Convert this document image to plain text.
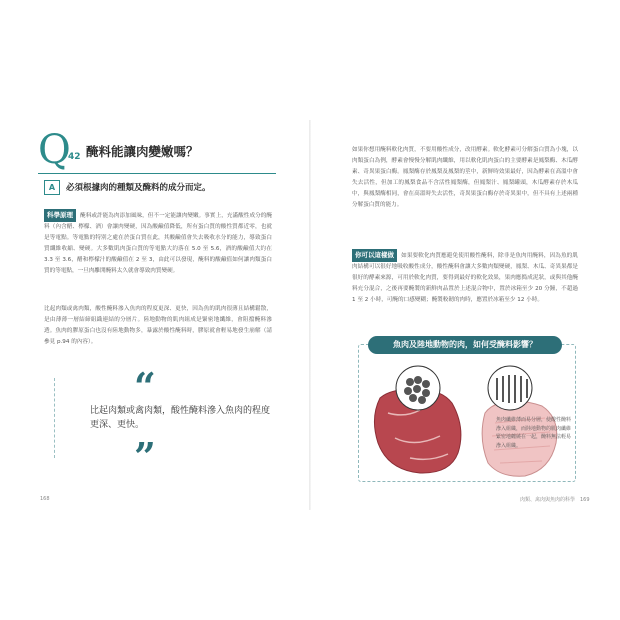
Q
42 醃料能讓肉變嫩嗎？
A	必須根據肉的種類及醃料的成分而定。
科學原理 醃料或許能為肉添加風味，但不一定能讓肉變嫩。事實上，充滿酸性成分的醃料（內含醋、檸檬、酒）會讓肉變硬，因為酸鹼值降低，所有蛋白質的酸性質都近零，也就是等電點。等電點的特別之處在於蛋白質在此，其酸鹼值會失去吸收水分的能力，導致蛋白質纖維收縮、變硬。大多數肌肉蛋白質的等電點大約落在 5.0 至 5.6，酒的酸鹼值大約在 3.3 至 3.6，醋和檸檬汁的酸鹼值在 2 至 3，由此可以發現，醃料的酸鹼值如何讓肉類蛋白質的等電點，一旦肉離開醃料太久就會導致肉質變硬。
比起肉類或禽肉類，酸性醃料滲入魚肉的程度更深、更快，因為魚的肌肉很薄且結構鬆散，是由薄薄一層結締組織連結的分層片。陸地動物的肌肉組成是緊密地纖維，會阻擋醃料滲透。魚肉的膠原蛋白也沒有陸地動物多，暴露於酸性醃料時，膠原就會輕易地發生崩解（請參見 p.94 的內容）。
“
比起肉類或禽肉類，酸性醃料滲入魚肉的程度更深、更快。
”
168
如果你想用醃料軟化肉質，不要用酸性成分，改用酵素。軟化酵素可分解蛋白質為小塊，以肉類蛋白為例，酵素會慢慢分解肌肉纖維，用以軟化肌肉蛋白的主要酵素是鳳梨酶、木瓜酵素、奇異果蛋白酶。鳳梨酶存於鳳梨及鳳梨的莖中，新鮮時效果最好，因為酵素在高溫中會失去活性，但加工的鳳梨食品不含活性鳳梨酶，但鳳梨汁、鳳梨罐頭，木瓜酵素存於木瓜中，與鳳梨酶相同，會在高溫時失去活性，奇異果蛋白酶存於奇異果中，但不具有上述兩種分解蛋白質的能力。
你可以這樣做 如果要軟化肉質應避免使用酸性醃料，除非是魚肉用醃料，因為魚的肌肉結構可以很好地吸收酸性成分，酸性醃料會讓大多數肉類變硬，鳳梨、木瓜、奇異果都是很好的酵素來源，可用於軟化肉質，要得到最好的軟化效果，果肉應搗成泥狀，或與其他醃料充分混合，之後再要醃製的新鮮肉品置於上述混合物中，置於冰箱至少 20 分鐘，不超過 1 至 2 小時，可醃的口感變糊；醃製較韌的肉時，應置於冰箱至少 12 小時。
魚肉及陸地動物的肉，如何受醃料影響？
魚肉纖維薄而易分層，使酸性醃料滲入組織，而陸地動物的肌肉纖維緊密地纏繞在一起，醃料無法輕易滲入組織。
肉類、禽肉與魚肉的科學　169
